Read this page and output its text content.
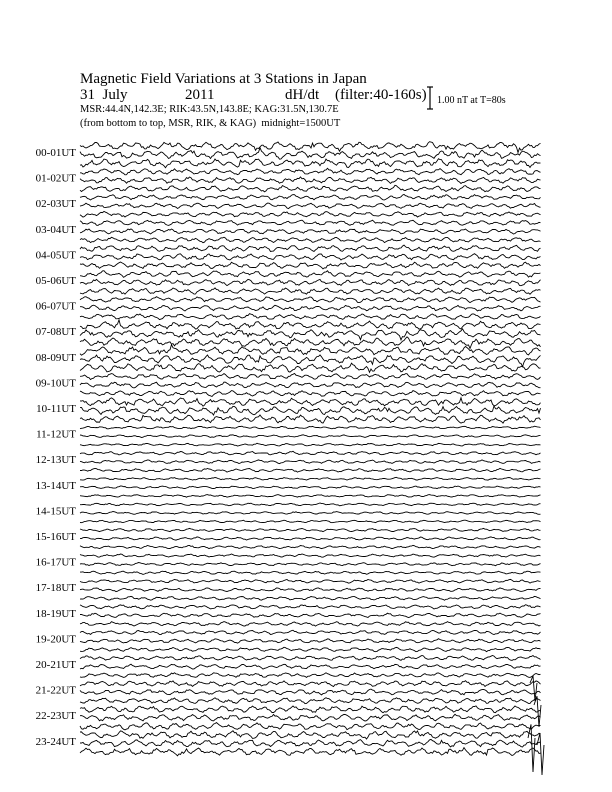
Magnetic Field Variations at 3 Stations in Japan

31  July

	2011

	dH/dt

(filter:40-160s)

MSR:44.4N,142.3E; RIK:43.5N,143.8E; KAG:31.5N,130.7E
(from bottom to top, MSR, RIK, & KAG) midnight=1500UT
1.00 nT at T=80s
00-01UT
01-02UT
02-03UT
03-04UT
04-05UT
05-06UT
06-07UT
07-08UT
08-09UT
09-10UT
10-11UT
11-12UT
12-13UT
13-14UT
14-15UT
15-16UT
16-17UT
17-18UT
18-19UT
19-20UT
20-21UT
21-22UT
22-23UT
23-24UT
